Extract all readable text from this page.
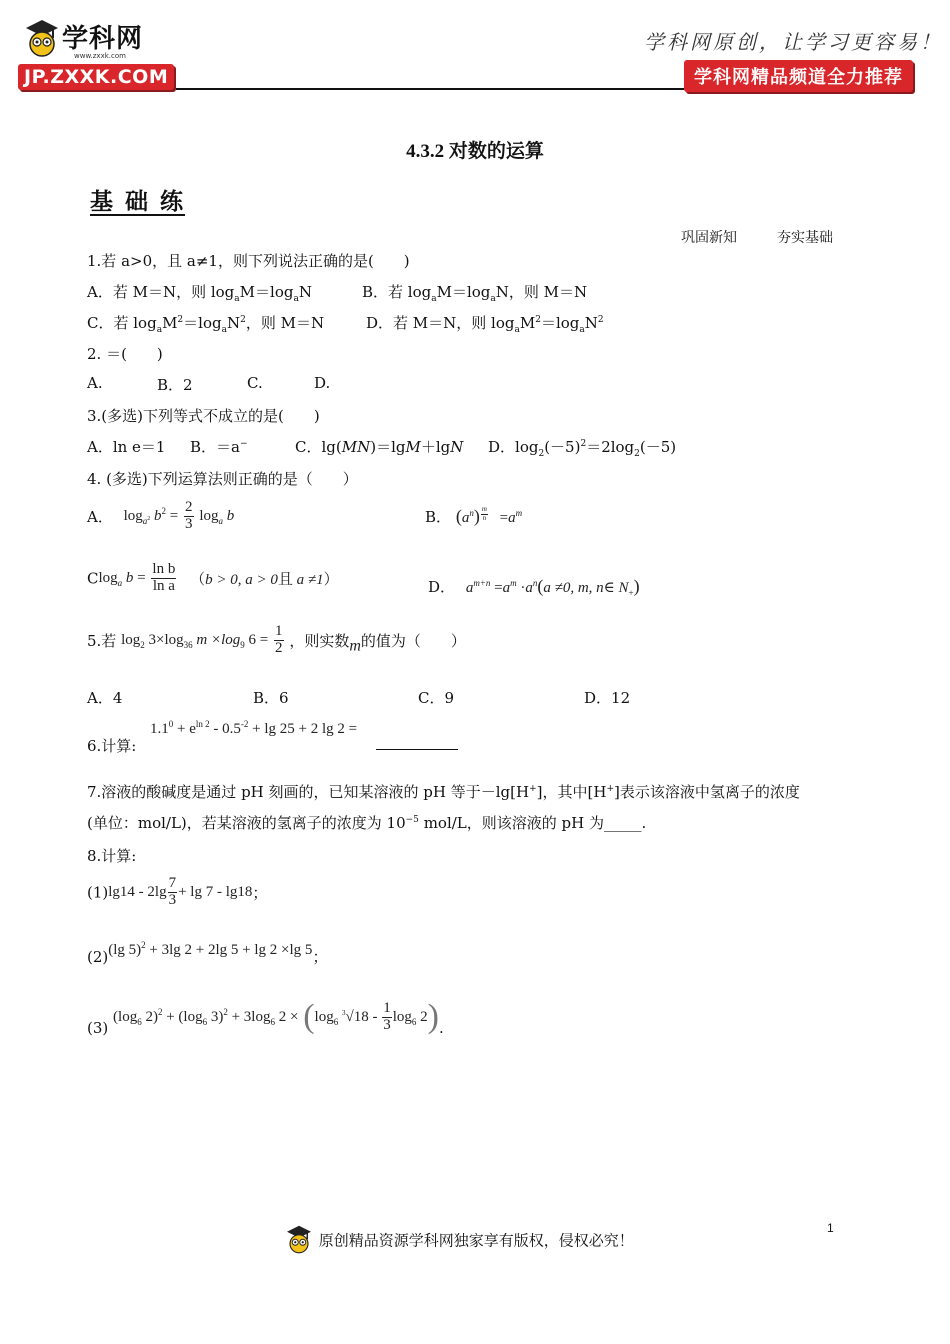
学科网
www.zxxk.com
JP.ZXXK.COM
学科网原创，让学习更容易！
学科网精品频道全力推荐
4.3.2 对数的运算
基 础 练
巩固新知	夯实基础
1.若 a>0，且 a≠1，则下列说法正确的是(　　)
A．若 M＝N，则 $\log_aM=\log_aN$	B．若 $\log_aM=\log_aN$，则 M＝N
C．若 $\log_aM^2=\log_aN^2$，则 M＝N	D．若 M＝N，则 $\log_aM^2=\log_aN^2$
2. ＝(　　)
A.	B．2	C.	D.
3.(多选)下列等式不成立的是(　　)
A．ln e＝1 B．＝a−	C．lg(MN)＝lgM＋lgN D．$\log_2(-5)^2=2\log_2(-5)$
4. (多选)下列运算法则正确的是（　　）
A． $\log_{a^2} b^2 = \frac{2}{3} \log_a b$	B． $(a^n)$ $^{\frac{m}{n}} =a^m$
Clog$_a$ $b = \frac{\text{ln b}}{\text{ln a}} (b > 0$, a > 0且 a ≠1）	D． $a^{m+n} =a^m \cdot a^n(a \ne 0$, m, n∈ $N_+$)
5.若 $\log_2 3\times\log_{36}$ $m \times\log_9$ $6 = \frac{1}{2}$ ，则实数m的值为（　　）
A．4	B．6	C．9	D．12
6.计算:
$1.1^0 + e^{ln 2} - 0.5^{-2} + \lg 25 + 2$ lg 2 =
7.溶液的酸碱度是通过 pH 刻画的，已知某溶液的 pH 等于－lg[H+]，其中[H+]表示该溶液中氢离子的浓度
(单位：mol/L)，若某溶液的氢离子的浓度为 $10^{-5}$ mol/L，则该溶液的 pH 为_____.
8.计算:
$(1)\lg 14 - 2\lg \frac{7}{3} + \lg 7 - \lg 18$；
(2)(lg 5)$^2$ + 3lg 2 + 2lg 5 + lg 2 ×lg 5；
(3) ($\log_6$ $2)^2 + (\log_6$ $3)^2 + 3\log_6$ $2 \times (\log_6$ $^3√18 - \frac{1}{3} \log_6 2$).
1
原创精品资源学科网独家享有版权，侵权必究！
